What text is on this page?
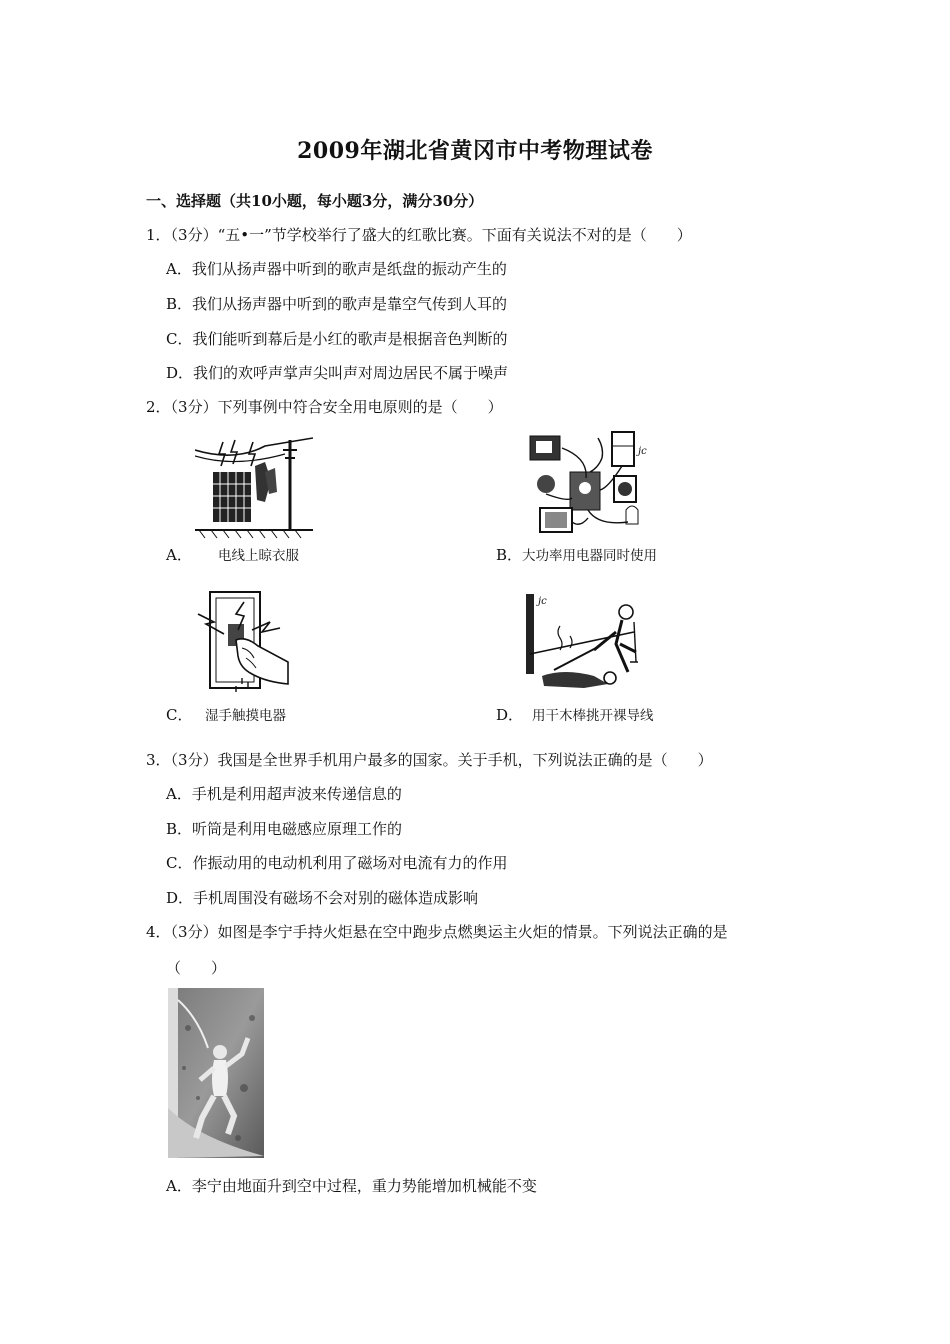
2009年湖北省黄冈市中考物理试卷
一、选择题（共10小题，每小题3分，满分30分）
1．（3分）“五•一”节学校举行了盛大的红歌比赛。下面有关说法不对的是（　　）
A．我们从扬声器中听到的歌声是纸盘的振动产生的
B．我们从扬声器中听到的歌声是靠空气传到人耳的
C．我们能听到幕后是小红的歌声是根据音色判断的
D．我们的欢呼声掌声尖叫声对周边居民不属于噪声
2．（3分）下列事例中符合安全用电原则的是（　　）
A． 电线上晾衣服
jc
B． 大功率用电器同时使用
C． 湿手触摸电器
jc
D． 用干木棒挑开裸导线
3．（3分）我国是全世界手机用户最多的国家。关于手机，下列说法正确的是（　　）
A．手机是利用超声波来传递信息的
B．听筒是利用电磁感应原理工作的
C．作振动用的电动机利用了磁场对电流有力的作用
D．手机周围没有磁场不会对别的磁体造成影响
4．（3分）如图是李宁手持火炬悬在空中跑步点燃奥运主火炬的情景。下列说法正确的是
（　　）
A．李宁由地面升到空中过程，重力势能增加机械能不变
